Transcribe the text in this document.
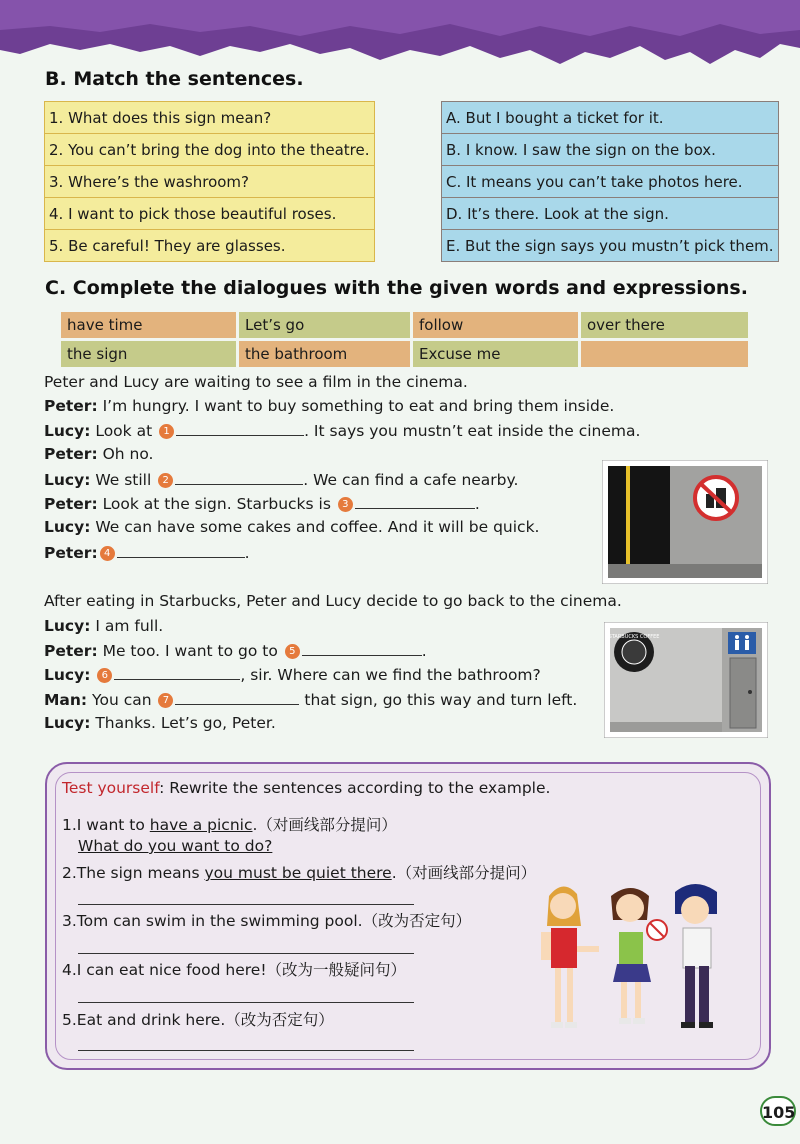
B. Match the sentences.
1. What does this sign mean?
2. You can’t bring the dog into the theatre.
3. Where’s the washroom?
4. I want to pick those beautiful roses.
5. Be careful! They are glasses.
A. But I bought a ticket for it.
B. I know. I saw the sign on the box.
C. It means you can’t take photos here.
D. It’s there. Look at the sign.
E. But the sign says you mustn’t pick them.
C. Complete the dialogues with the given words and expressions.
have time	Let’s go	follow	over there
the sign	the bathroom	Excuse me
Peter and Lucy are waiting to see a film in the cinema.
Peter: I’m hungry. I want to buy something to eat and bring them inside.
Lucy: Look at 1	. It says you mustn’t eat inside the cinema.
Peter: Oh no.
Lucy: We still 2	. We can find a cafe nearby.
Peter: Look at the sign. Starbucks is 3	.
Lucy: We can have some cakes and coffee. And it will be quick.
Peter: 4	.
After eating in Starbucks, Peter and Lucy decide to go back to the cinema.
Lucy: I am full.
Peter: Me too. I want to go to 5	.
Lucy: 6	, sir. Where can we find the bathroom?
Man: You can 7	that sign, go this way and turn left.
Lucy: Thanks. Let’s go, Peter.
STARBUCKS COFFEE
Test yourself: Rewrite the sentences according to the example.
1.I want to have a picnic.（对画线部分提问）
What do you want to do?
2.The sign means you must be quiet there.（对画线部分提问）
3.Tom can swim in the swimming pool.（改为否定句）
4.I can eat nice food here!（改为一般疑问句）
5.Eat and drink here.（改为否定句）
105
